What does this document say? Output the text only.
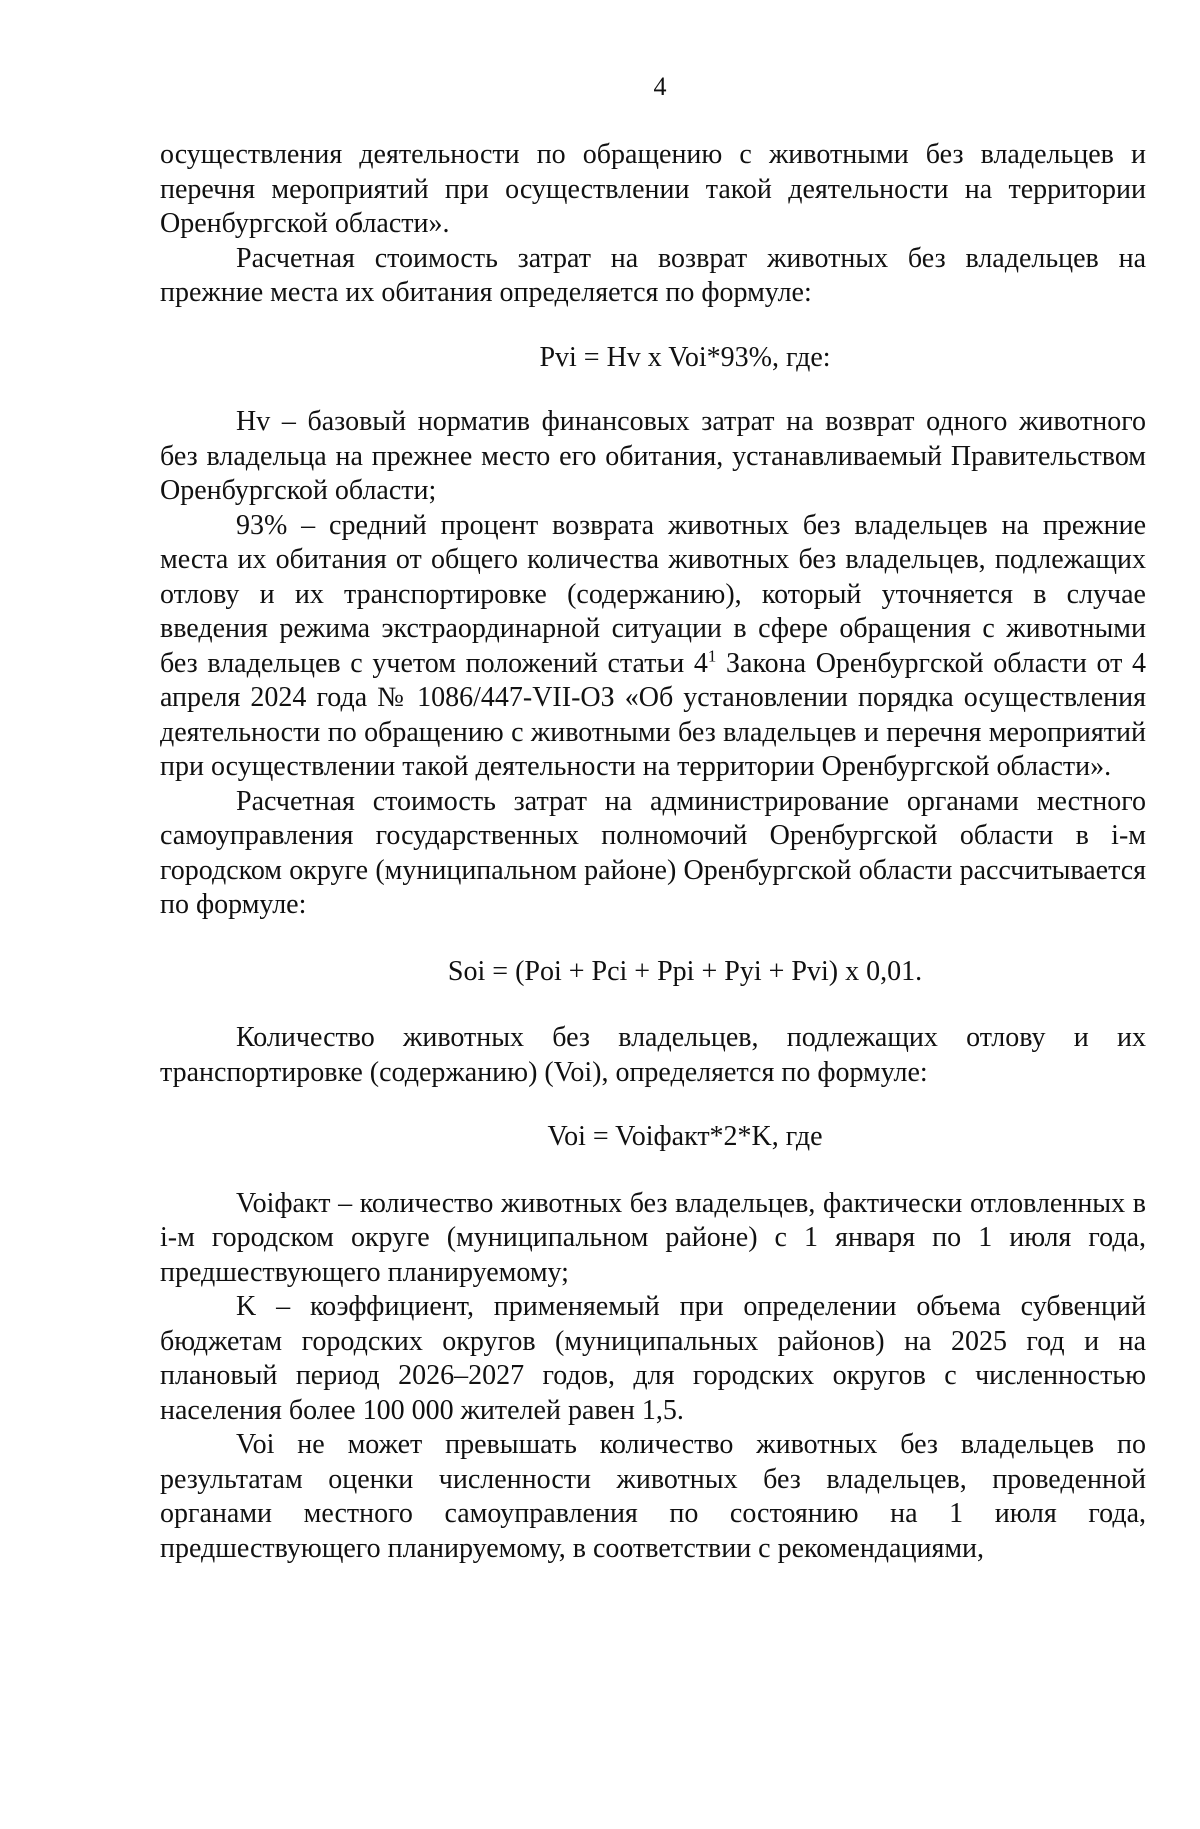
4

осуществления деятельности по обращению с животными без владельцев и перечня мероприятий при осуществлении такой деятельности на территории Оренбургской области».

Расчетная стоимость затрат на возврат животных без владельцев на прежние места их обитания определяется по формуле:

Pvi = Hv x Voi*93%, где:

Hv – базовый норматив финансовых затрат на возврат одного животного без владельца на прежнее место его обитания, устанавливаемый Правительством Оренбургской области;

93% – средний процент возврата животных без владельцев на прежние места их обитания от общего количества животных без владельцев, подлежащих отлову и их транспортировке (содержанию), который уточняется в случае введения режима экстраординарной ситуации в сфере обращения с животными без владельцев с учетом положений статьи $4^1$ Закона Оренбургской области от 4 апреля 2024 года № 1086/447-VII-ОЗ «Об установлении порядка осуществления деятельности по обращению с животными без владельцев и перечня мероприятий при осуществлении такой деятельности на территории Оренбургской области».

Расчетная стоимость затрат на администрирование органами местного самоуправления государственных полномочий Оренбургской области в i-м городском округе (муниципальном районе) Оренбургской области рассчитывается по формуле:

Soi = (Poi + Pci + Ppi + Pyi + Pvi) x 0,01.

Количество животных без владельцев, подлежащих отлову и их транспортировке (содержанию) (Voi), определяется по формуле:

Voi = Voiфакт*2*K, где

Voiфакт – количество животных без владельцев, фактически отловленных в i-м городском округе (муниципальном районе) с 1 января по 1 июля года, предшествующего планируемому;

K – коэффициент, применяемый при определении объема субвенций бюджетам городских округов (муниципальных районов) на 2025 год и на плановый период 2026–2027 годов, для городских округов с численностью населения более 100 000 жителей равен 1,5.

Voi не может превышать количество животных без владельцев по результатам оценки численности животных без владельцев, проведенной органами местного самоуправления по состоянию на 1 июля года, предшествующего планируемому, в соответствии с рекомендациями,
